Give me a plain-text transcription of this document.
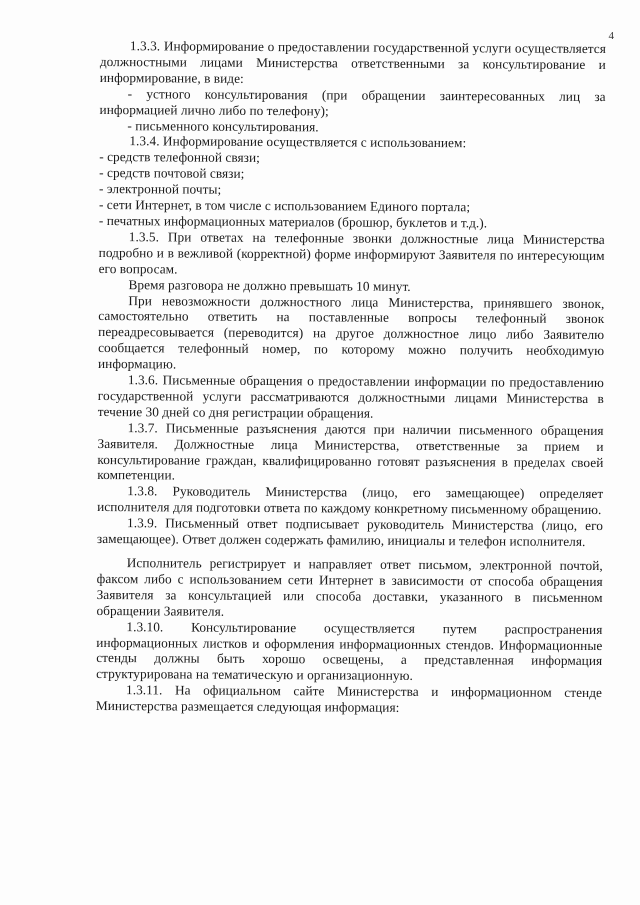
4

1.3.3. Информирование о предоставлении государственной услуги осуществляется должностными лицами Министерства ответственными за консультирование и информирование, в виде:

- устного консультирования (при обращении заинтересованных лиц за информацией лично либо по телефону);

- письменного консультирования.

1.3.4. Информирование осуществляется с использованием:

- средств телефонной связи;

- средств почтовой связи;

- электронной почты;

- сети Интернет, в том числе с использованием Единого портала;

- печатных информационных материалов (брошюр, буклетов и т.д.).

1.3.5. При ответах на телефонные звонки должностные лица Министерства подробно и в вежливой (корректной) форме информируют Заявителя по интересующим его вопросам.

Время разговора не должно превышать 10 минут.

При невозможности должностного лица Министерства, принявшего звонок, самостоятельно ответить на поставленные вопросы телефонный звонок переадресовывается (переводится) на другое должностное лицо либо Заявителю сообщается телефонный номер, по которому можно получить необходимую информацию.

1.3.6. Письменные обращения о предоставлении информации по предоставлению государственной услуги рассматриваются должностными лицами Министерства в течение 30 дней со дня регистрации обращения.

1.3.7. Письменные разъяснения даются при наличии письменного обращения Заявителя. Должностные лица Министерства, ответственные за прием и консультирование граждан, квалифицированно готовят разъяснения в пределах своей компетенции.

1.3.8. Руководитель Министерства (лицо, его замещающее) определяет исполнителя для подготовки ответа по каждому конкретному письменному обращению.

1.3.9. Письменный ответ подписывает руководитель Министерства (лицо, его замещающее). Ответ должен содержать фамилию, инициалы и телефон исполнителя.

Исполнитель регистрирует и направляет ответ письмом, электронной почтой, факсом либо с использованием сети Интернет в зависимости от способа обращения Заявителя за консультацией или способа доставки, указанного в письменном обращении Заявителя.

1.3.10. Консультирование осуществляется путем распространения информационных листков и оформления информационных стендов. Информационные стенды должны быть хорошо освещены, а представленная информация структурирована на тематическую и организационную.

1.3.11. На официальном сайте Министерства и информационном стенде Министерства размещается следующая информация:
